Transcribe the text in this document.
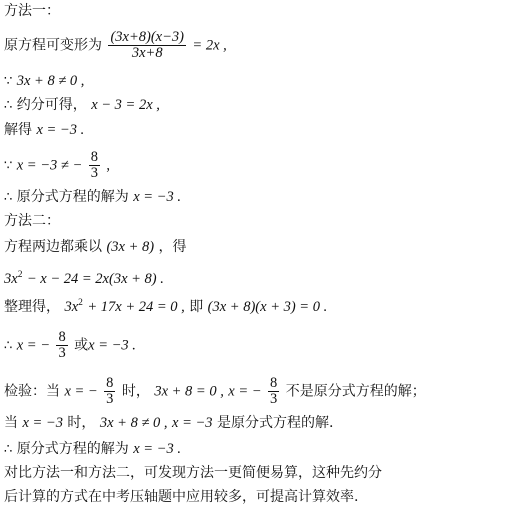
方法一：
原方程可变形为 $\frac{(3x+8)(x-3)}{3x+8} = 2x$ ,
∵ 3x + 8 ≠ 0 ,
∴ 约分可得， x − 3 = 2x ,
解得 x = −3 .
∵ x = −3 ≠ − $\frac{8}{3}$ ,
∴ 原分式方程的解为 x = −3 .
方法二：
方程两边都乘以 (3x + 8) ，得
$3x^2 - x - 24 = 2x(3x + 8)$ .
整理得， $3x^2 + 17x + 24 = 0$ , 即 (3x + 8)(x + 3) = 0 .
∴ x = − $\frac{8}{3}$ 或x = −3 .
检验：当 x = − $\frac{8}{3}$ 时， 3x + 8 = 0 , x = − $\frac{8}{3}$ 不是原分式方程的解；
当 x = −3 时， 3x + 8 ≠ 0 , x = −3 是原分式方程的解.
∴ 原分式方程的解为 x = −3 .
对比方法一和方法二，可发现方法一更简便易算，这种先约分
后计算的方式在中考压轴题中应用较多，可提高计算效率.
